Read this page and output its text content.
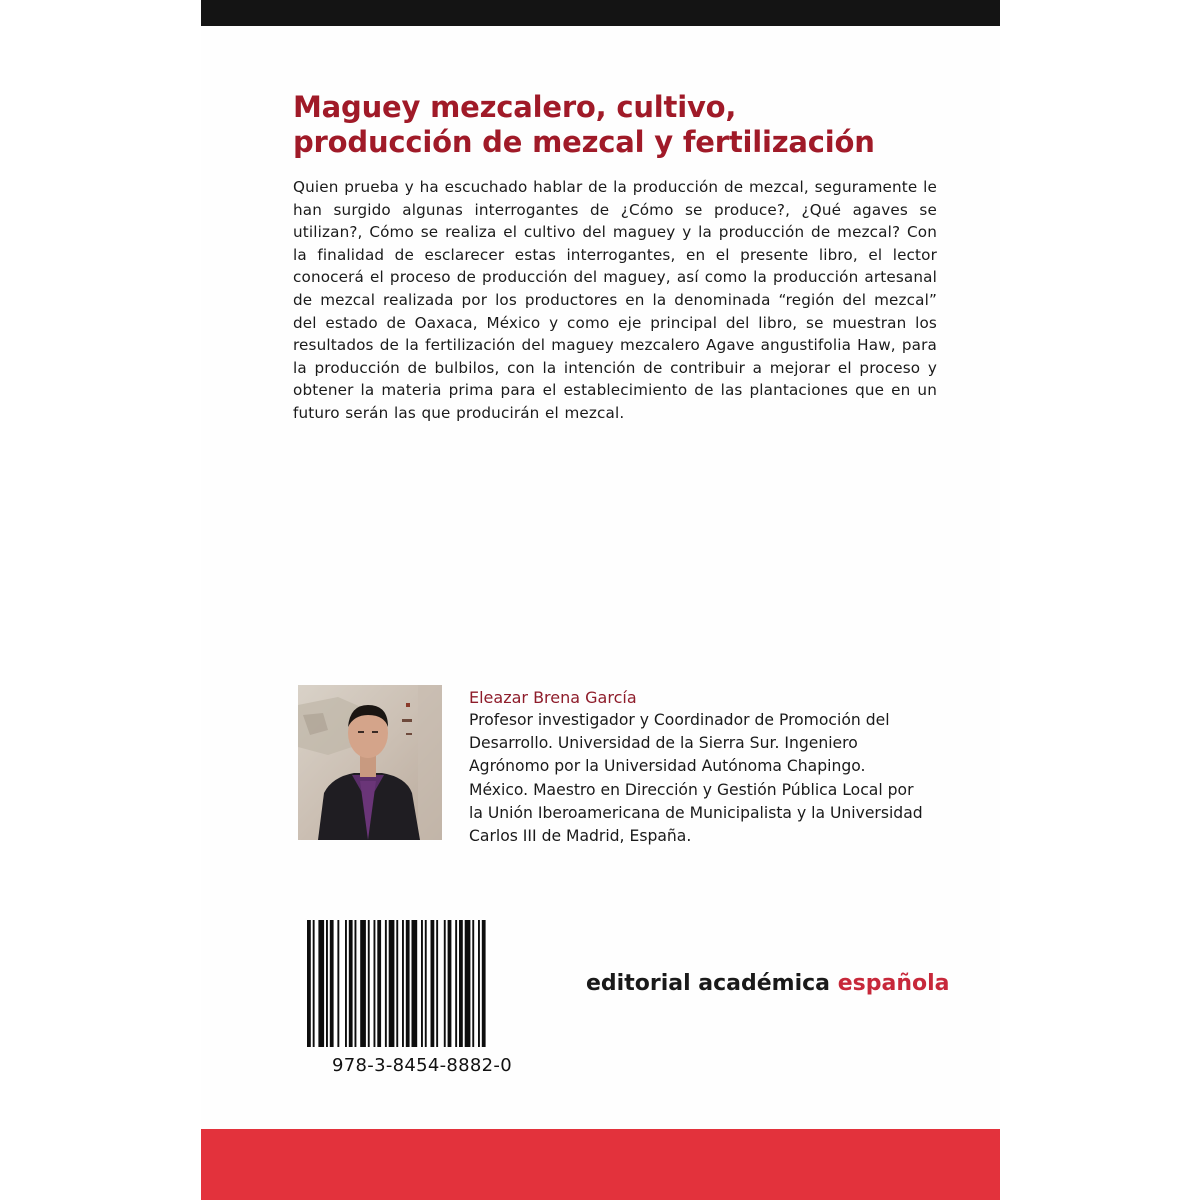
Maguey mezcalero, cultivo,
producción de mezcal y fertilización

Quien prueba y ha escuchado hablar de la producción de mezcal, seguramente le han surgido algunas interrogantes de ¿Cómo se produce?, ¿Qué agaves se utilizan?, Cómo se realiza el cultivo del maguey y la producción de mezcal? Con la finalidad de esclarecer estas interrogantes, en el presente libro, el lector conocerá el proceso de producción del maguey, así como la producción artesanal de mezcal realizada por los productores en la denominada “región del mezcal” del estado de Oaxaca, México y como eje principal del libro, se muestran los resultados de la fertilización del maguey mezcalero Agave angustifolia Haw, para la producción de bulbilos, con la intención de contribuir a mejorar el proceso y obtener la materia prima para el establecimiento de las plantaciones que en un futuro serán las que producirán el mezcal.

Eleazar Brena García

Profesor investigador y Coordinador de Promoción del Desarrollo. Universidad de la Sierra Sur. Ingeniero Agrónomo por la Universidad Autónoma Chapingo. México. Maestro en Dirección y Gestión Pública Local por la Unión Iberoamericana de Municipalista y la Universidad Carlos III de Madrid, España.

978-3-8454-8882-0

editorial académica española
